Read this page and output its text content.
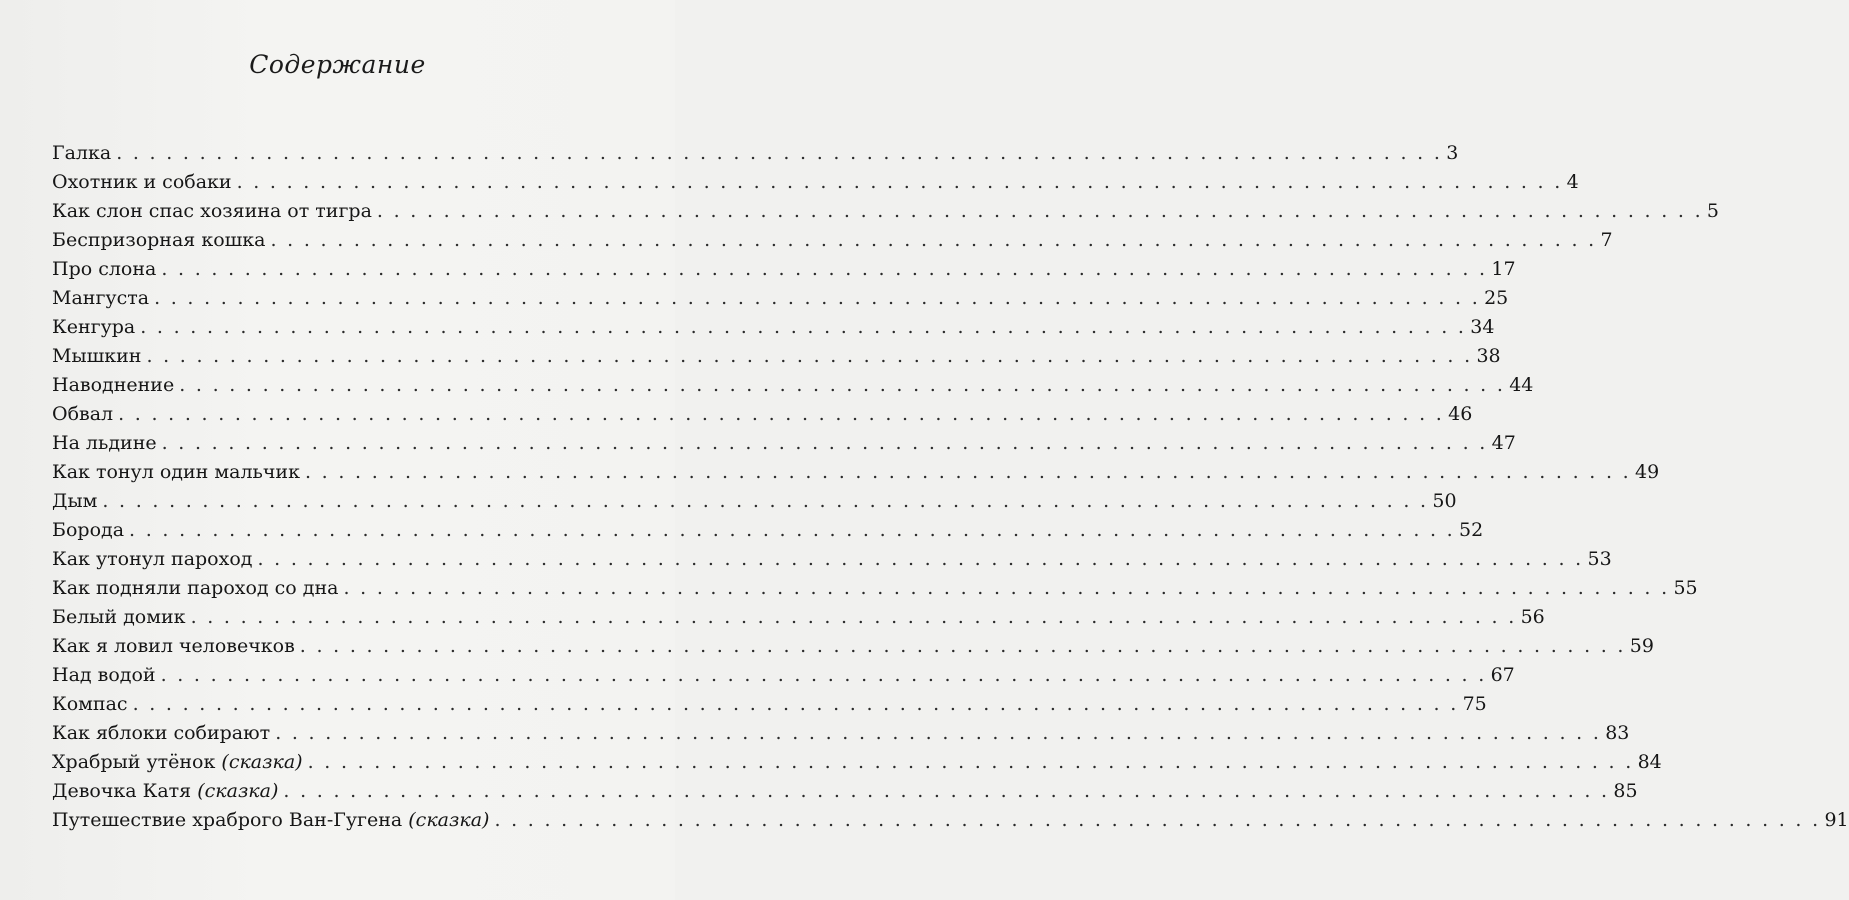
Содержание
Галка . . . . . . . . . . . . . . . . . . . . . . . . . . . . . . . . . . . . . . . . . . . . . . . . . . . . . . . . . . . . . . . . . . . . . . . . . . . . . . . . 3
Охотник и собаки . . . . . . . . . . . . . . . . . . . . . . . . . . . . . . . . . . . . . . . . . . . . . . . . . . . . . . . . . . . . . . . . . . . . . . . . . . . . . . . . 4
Как слон спас хозяина от тигра . . . . . . . . . . . . . . . . . . . . . . . . . . . . . . . . . . . . . . . . . . . . . . . . . . . . . . . . . . . . . . . . . . . . . . . . . . . . . . . . 5
Беспризорная кошка . . . . . . . . . . . . . . . . . . . . . . . . . . . . . . . . . . . . . . . . . . . . . . . . . . . . . . . . . . . . . . . . . . . . . . . . . . . . . . . . 7
Про слона . . . . . . . . . . . . . . . . . . . . . . . . . . . . . . . . . . . . . . . . . . . . . . . . . . . . . . . . . . . . . . . . . . . . . . . . . . . . . . . . 17
Мангуста . . . . . . . . . . . . . . . . . . . . . . . . . . . . . . . . . . . . . . . . . . . . . . . . . . . . . . . . . . . . . . . . . . . . . . . . . . . . . . . . 25
Кенгура . . . . . . . . . . . . . . . . . . . . . . . . . . . . . . . . . . . . . . . . . . . . . . . . . . . . . . . . . . . . . . . . . . . . . . . . . . . . . . . . 34
Мышкин . . . . . . . . . . . . . . . . . . . . . . . . . . . . . . . . . . . . . . . . . . . . . . . . . . . . . . . . . . . . . . . . . . . . . . . . . . . . . . . . 38
Наводнение . . . . . . . . . . . . . . . . . . . . . . . . . . . . . . . . . . . . . . . . . . . . . . . . . . . . . . . . . . . . . . . . . . . . . . . . . . . . . . . . 44
Обвал . . . . . . . . . . . . . . . . . . . . . . . . . . . . . . . . . . . . . . . . . . . . . . . . . . . . . . . . . . . . . . . . . . . . . . . . . . . . . . . . 46
На льдине . . . . . . . . . . . . . . . . . . . . . . . . . . . . . . . . . . . . . . . . . . . . . . . . . . . . . . . . . . . . . . . . . . . . . . . . . . . . . . . . 47
Как тонул один мальчик . . . . . . . . . . . . . . . . . . . . . . . . . . . . . . . . . . . . . . . . . . . . . . . . . . . . . . . . . . . . . . . . . . . . . . . . . . . . . . . . 49
Дым . . . . . . . . . . . . . . . . . . . . . . . . . . . . . . . . . . . . . . . . . . . . . . . . . . . . . . . . . . . . . . . . . . . . . . . . . . . . . . . . 50
Борода . . . . . . . . . . . . . . . . . . . . . . . . . . . . . . . . . . . . . . . . . . . . . . . . . . . . . . . . . . . . . . . . . . . . . . . . . . . . . . . . 52
Как утонул пароход . . . . . . . . . . . . . . . . . . . . . . . . . . . . . . . . . . . . . . . . . . . . . . . . . . . . . . . . . . . . . . . . . . . . . . . . . . . . . . . . 53
Как подняли пароход со дна . . . . . . . . . . . . . . . . . . . . . . . . . . . . . . . . . . . . . . . . . . . . . . . . . . . . . . . . . . . . . . . . . . . . . . . . . . . . . . . . 55
Белый домик . . . . . . . . . . . . . . . . . . . . . . . . . . . . . . . . . . . . . . . . . . . . . . . . . . . . . . . . . . . . . . . . . . . . . . . . . . . . . . . . 56
Как я ловил человечков . . . . . . . . . . . . . . . . . . . . . . . . . . . . . . . . . . . . . . . . . . . . . . . . . . . . . . . . . . . . . . . . . . . . . . . . . . . . . . . . 59
Над водой . . . . . . . . . . . . . . . . . . . . . . . . . . . . . . . . . . . . . . . . . . . . . . . . . . . . . . . . . . . . . . . . . . . . . . . . . . . . . . . . 67
Компас . . . . . . . . . . . . . . . . . . . . . . . . . . . . . . . . . . . . . . . . . . . . . . . . . . . . . . . . . . . . . . . . . . . . . . . . . . . . . . . . 75
Как яблоки собирают . . . . . . . . . . . . . . . . . . . . . . . . . . . . . . . . . . . . . . . . . . . . . . . . . . . . . . . . . . . . . . . . . . . . . . . . . . . . . . . . 83
Храбрый утёнок (сказка) . . . . . . . . . . . . . . . . . . . . . . . . . . . . . . . . . . . . . . . . . . . . . . . . . . . . . . . . . . . . . . . . . . . . . . . . . . . . . . . . 84
Девочка Катя (сказка) . . . . . . . . . . . . . . . . . . . . . . . . . . . . . . . . . . . . . . . . . . . . . . . . . . . . . . . . . . . . . . . . . . . . . . . . . . . . . . . . 85
Путешествие храброго Ван-Гугена (сказка) . . . . . . . . . . . . . . . . . . . . . . . . . . . . . . . . . . . . . . . . . . . . . . . . . . . . . . . . . . . . . . . . . . . . . . . . . . . . . . . . 91
